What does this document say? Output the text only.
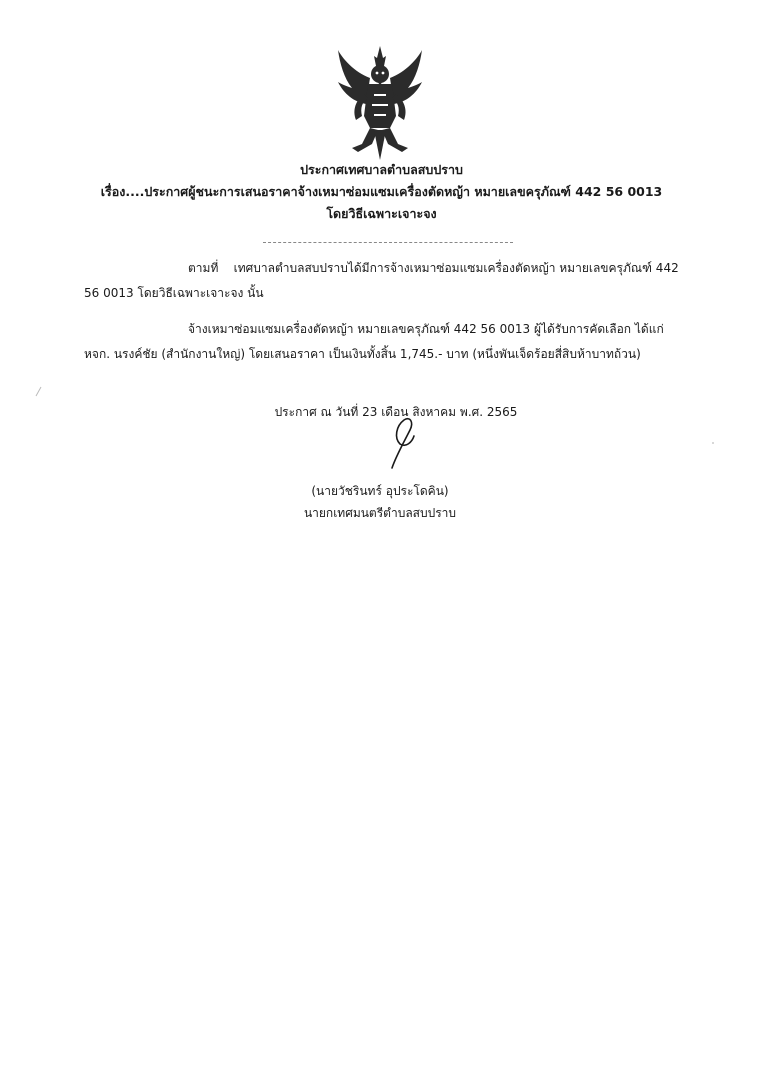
ประกาศเทศบาลตำบลสบปราบ
เรื่อง....ประกาศผู้ชนะการเสนอราคาจ้างเหมาซ่อมแซมเครื่องตัดหญ้า หมายเลขครุภัณฑ์ 442 56 0013
โดยวิธีเฉพาะเจาะจง
ตามที่ เทศบาลตำบลสบปราบได้มีการจ้างเหมาซ่อมแซมเครื่องตัดหญ้า หมายเลขครุภัณฑ์ 442 56 0013 โดยวิธีเฉพาะเจาะจง นั้น
จ้างเหมาซ่อมแซมเครื่องตัดหญ้า หมายเลขครุภัณฑ์ 442 56 0013 ผู้ได้รับการคัดเลือก ได้แก่ หจก. นรงค์ชัย (สำนักงานใหญ่) โดยเสนอราคา เป็นเงินทั้งสิ้น 1,745.- บาท (หนึ่งพันเจ็ดร้อยสี่สิบห้าบาทถ้วน)
ประกาศ ณ วันที่ 23 เดือน สิงหาคม พ.ศ. 2565
(นายวัชรินทร์ อุประโดคิน)
นายกเทศมนตรีตำบลสบปราบ
